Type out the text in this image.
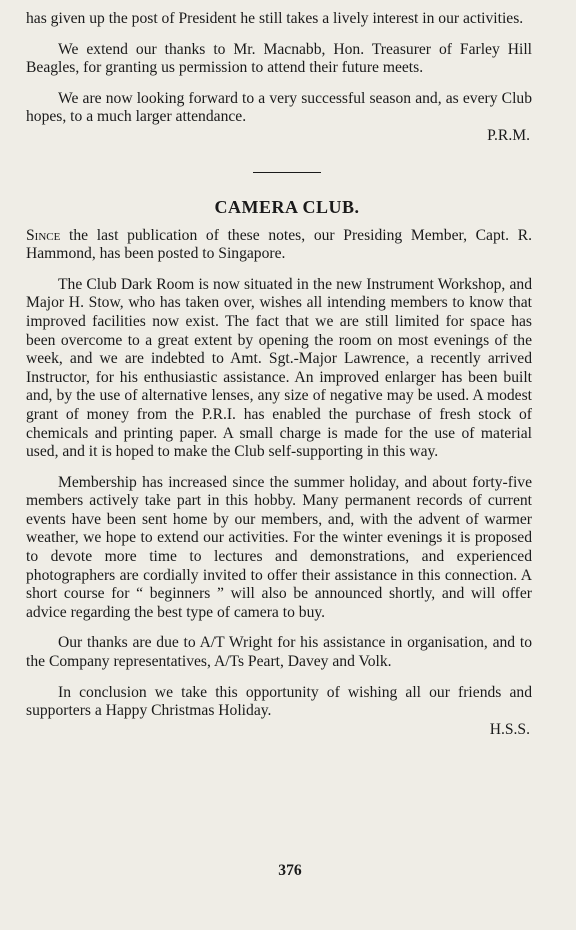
has given up the post of President he still takes a lively interest in our activities.

We extend our thanks to Mr. Macnabb, Hon. Treasurer of Farley Hill Beagles, for granting us permission to attend their future meets.

We are now looking forward to a very successful season and, as every Club hopes, to a much larger attendance.

P.R.M.
CAMERA CLUB.

Since the last publication of these notes, our Presiding Member, Capt. R. Hammond, has been posted to Singapore.

The Club Dark Room is now situated in the new Instrument Workshop, and Major H. Stow, who has taken over, wishes all intending members to know that improved facilities now exist. The fact that we are still limited for space has been overcome to a great extent by opening the room on most evenings of the week, and we are indebted to Amt. Sgt.-Major Lawrence, a recently arrived Instructor, for his enthusiastic assistance. An improved enlarger has been built and, by the use of alternative lenses, any size of negative may be used. A modest grant of money from the P.R.I. has enabled the purchase of fresh stock of chemicals and printing paper. A small charge is made for the use of material used, and it is hoped to make the Club self-supporting in this way.

Membership has increased since the summer holiday, and about forty-five members actively take part in this hobby. Many permanent records of current events have been sent home by our members, and, with the advent of warmer weather, we hope to extend our activities. For the winter evenings it is proposed to devote more time to lectures and demonstrations, and experienced photographers are cordially invited to offer their assistance in this connection. A short course for “ beginners ” will also be announced shortly, and will offer advice regarding the best type of camera to buy.

Our thanks are due to A/T Wright for his assistance in organisation, and to the Company representatives, A/Ts Peart, Davey and Volk.

In conclusion we take this opportunity of wishing all our friends and supporters a Happy Christmas Holiday.

H.S.S.
376
